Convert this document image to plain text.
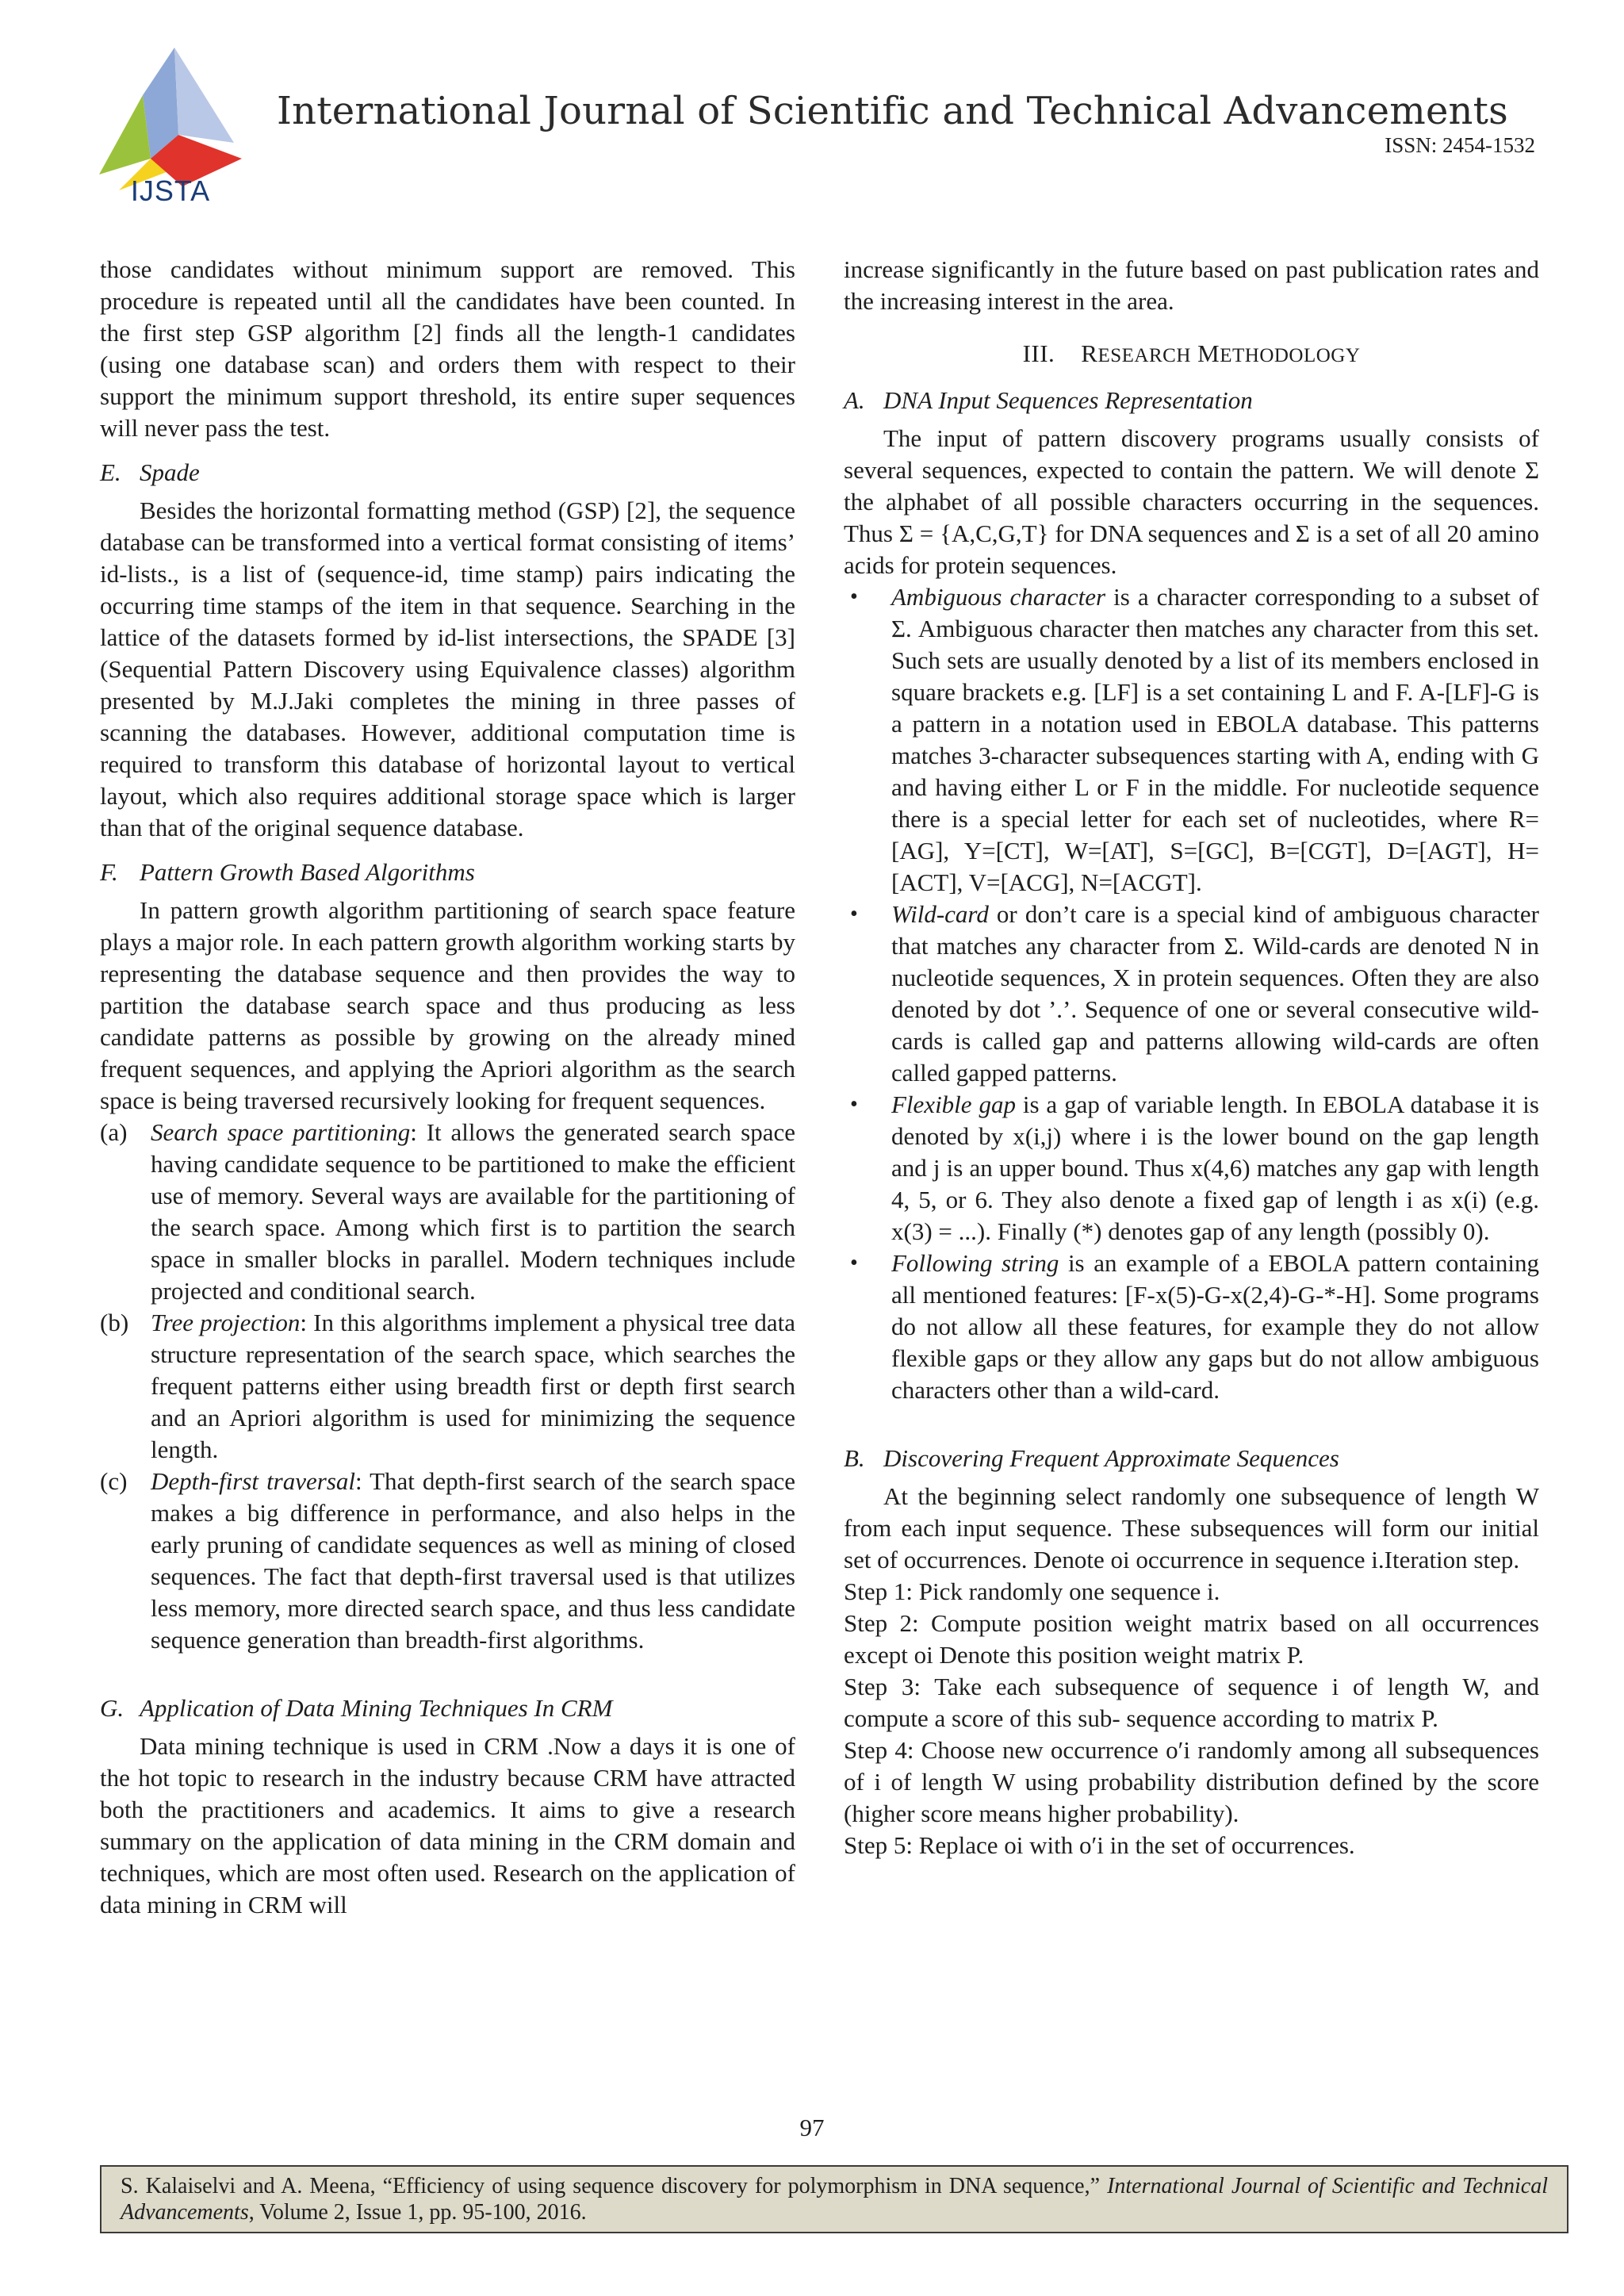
IJSTA
International Journal of Scientific and Technical Advancements
ISSN: 2454-1532

those candidates without minimum support are removed. This procedure is repeated until all the candidates have been counted. In the first step GSP algorithm [2] finds all the length-1 candidates (using one database scan) and orders them with respect to their support the minimum support threshold, its entire super sequences will never pass the test.

E. Spade

Besides the horizontal formatting method (GSP) [2], the sequence database can be transformed into a vertical format consisting of items’ id-lists., is a list of (sequence-id, time stamp) pairs indicating the occurring time stamps of the item in that sequence. Searching in the lattice of the datasets formed by id-list intersections, the SPADE [3] (Sequential Pattern Discovery using Equivalence classes) algorithm presented by M.J.Jaki completes the mining in three passes of scanning the databases. However, additional computation time is required to transform this database of horizontal layout to vertical layout, which also requires additional storage space which is larger than that of the original sequence database.

F. Pattern Growth Based Algorithms

In pattern growth algorithm partitioning of search space feature plays a major role. In each pattern growth algorithm working starts by representing the database sequence and then provides the way to partition the database search space and thus producing as less candidate patterns as possible by growing on the already mined frequent sequences, and applying the Apriori algorithm as the search space is being traversed recursively looking for frequent sequences.

(a) Search space partitioning: It allows the generated search space having candidate sequence to be partitioned to make the efficient use of memory. Several ways are available for the partitioning of the search space. Among which first is to partition the search space in smaller blocks in parallel. Modern techniques include projected and conditional search.
(b) Tree projection: In this algorithms implement a physical tree data structure representation of the search space, which searches the frequent patterns either using breadth first or depth first search and an Apriori algorithm is used for minimizing the sequence length.
(c) Depth-first traversal: That depth-first search of the search space makes a big difference in performance, and also helps in the early pruning of candidate sequences as well as mining of closed sequences. The fact that depth-first traversal used is that utilizes less memory, more directed search space, and thus less candidate sequence generation than breadth-first algorithms.

G. Application of Data Mining Techniques In CRM

Data mining technique is used in CRM .Now a days it is one of the hot topic to research in the industry because CRM have attracted both the practitioners and academics. It aims to give a research summary on the application of data mining in the CRM domain and techniques, which are most often used. Research on the application of data mining in CRM will

increase significantly in the future based on past publication rates and the increasing interest in the area.

III. RESEARCH METHODOLOGY

A. DNA Input Sequences Representation

The input of pattern discovery programs usually consists of several sequences, expected to contain the pattern. We will denote Σ the alphabet of all possible characters occurring in the sequences. Thus Σ = {A,C,G,T} for DNA sequences and Σ is a set of all 20 amino acids for protein sequences.

•	Ambiguous character is a character corresponding to a subset of Σ. Ambiguous character then matches any character from this set. Such sets are usually denoted by a list of its members enclosed in square brackets e.g. [LF] is a set containing L and F. A-[LF]-G is a pattern in a notation used in EBOLA database. This patterns matches 3-character subsequences starting with A, ending with G and having either L or F in the middle. For nucleotide sequence there is a special letter for each set of nucleotides, where R=[AG], Y=[CT], W=[AT], S=[GC], B=[CGT], D=[AGT], H=[ACT], V=[ACG], N=[ACGT].
•	Wild-card or don’t care is a special kind of ambiguous character that matches any character from Σ. Wild-cards are denoted N in nucleotide sequences, X in protein sequences. Often they are also denoted by dot ’.’. Sequence of one or several consecutive wild-cards is called gap and patterns allowing wild-cards are often called gapped patterns.
•	Flexible gap is a gap of variable length. In EBOLA database it is denoted by x(i,j) where i is the lower bound on the gap length and j is an upper bound. Thus x(4,6) matches any gap with length 4, 5, or 6. They also denote a fixed gap of length i as x(i) (e.g. x(3) = ...). Finally (*) denotes gap of any length (possibly 0).
•	Following string is an example of a EBOLA pattern containing all mentioned features: [F-x(5)-G-x(2,4)-G-*-H]. Some programs do not allow all these features, for example they do not allow flexible gaps or they allow any gaps but do not allow ambiguous characters other than a wild-card.

B. Discovering Frequent Approximate Sequences

At the beginning select randomly one subsequence of length W from each input sequence. These subsequences will form our initial set of occurrences. Denote oi occurrence in sequence i.Iteration step.

Step 1: Pick randomly one sequence i.

Step 2: Compute position weight matrix based on all occurrences except oi Denote this position weight matrix P.

Step 3: Take each subsequence of sequence i of length W, and compute a score of this sub- sequence according to matrix P.

Step 4: Choose new occurrence o′i randomly among all subsequences of i of length W using probability distribution defined by the score (higher score means higher probability).

Step 5: Replace oi with o′i in the set of occurrences.

97
S. Kalaiselvi and A. Meena, “Efficiency of using sequence discovery for polymorphism in DNA sequence,” International Journal of Scientific and Technical Advancements, Volume 2, Issue 1, pp. 95-100, 2016.
